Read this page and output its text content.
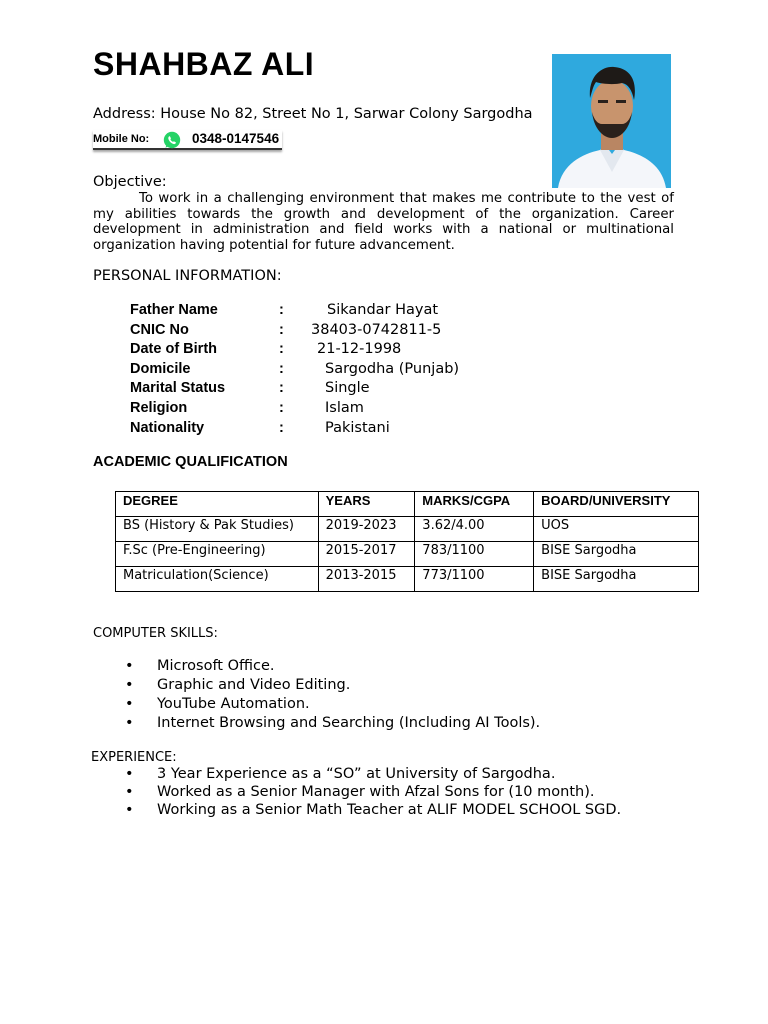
SHAHBAZ ALI
Address: House No 82, Street No 1, Sarwar Colony Sargodha
Mobile No:	0348-0147546
Objective:

To work in a challenging environment that makes me contribute to the vest of my abilities towards the growth and development of the organization. Career development in administration and field works with a national or multinational organization having potential for future advancement.

PERSONAL INFORMATION:
Father Name	:	Sikandar Hayat
CNIC No	: 38403-0742811-5
Date of Birth	: 21-12-1998
Domicile	:	Sargodha (Punjab)
Marital Status	:	Single
Religion	:	Islam
Nationality	:	Pakistani
ACADEMIC QUALIFICATION
DEGREE	YEARS	MARKS/CGPA	BOARD/UNIVERSITY
BS (History & Pak Studies)	2019-2023	3.62/4.00	UOS
F.Sc (Pre-Engineering)	2015-2017	783/1100	BISE Sargodha
Matriculation(Science)	2013-2015	773/1100	BISE Sargodha
COMPUTER SKILLS:
• Microsoft Office.
• Graphic and Video Editing.
• YouTube Automation.
• Internet Browsing and Searching (Including AI Tools).
EXPERIENCE:
• 3 Year Experience as a “SO” at University of Sargodha.
• Worked as a Senior Manager with Afzal Sons for (10 month).
• Working as a Senior Math Teacher at ALIF MODEL SCHOOL SGD.
